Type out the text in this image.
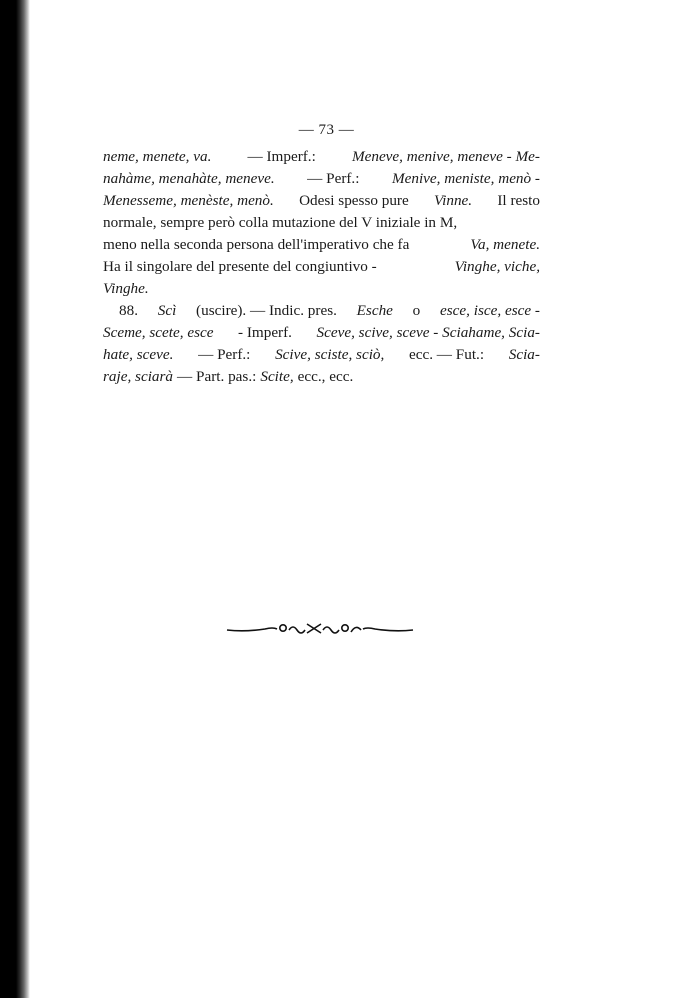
— 73 —
neme, menete, va. — Imperf.: Meneve, menive, meneve - Me-
nahàme, menahàte, meneve. — Perf.: Menive, meniste, menò -
Menesseme, menèste, menò. Odesi spesso pure Vinne. Il resto
normale, sempre però colla mutazione del V iniziale in M,
meno nella seconda persona dell'imperativo che fa	Va, menete.
Ha il singolare del presente del congiuntivo -	Vinghe, viche,
Vinghe.
88. Scì (uscire). — Indic. pres. Esche o esce, isce, esce -
Sceme, scete, esce - Imperf. Sceve, scive, sceve - Sciahame, Scia-
hate, sceve. — Perf.: Scive, sciste, sciò, ecc. — Fut.: Scia-
raje, sciarà — Part. pas.: Scite, ecc., ecc.
